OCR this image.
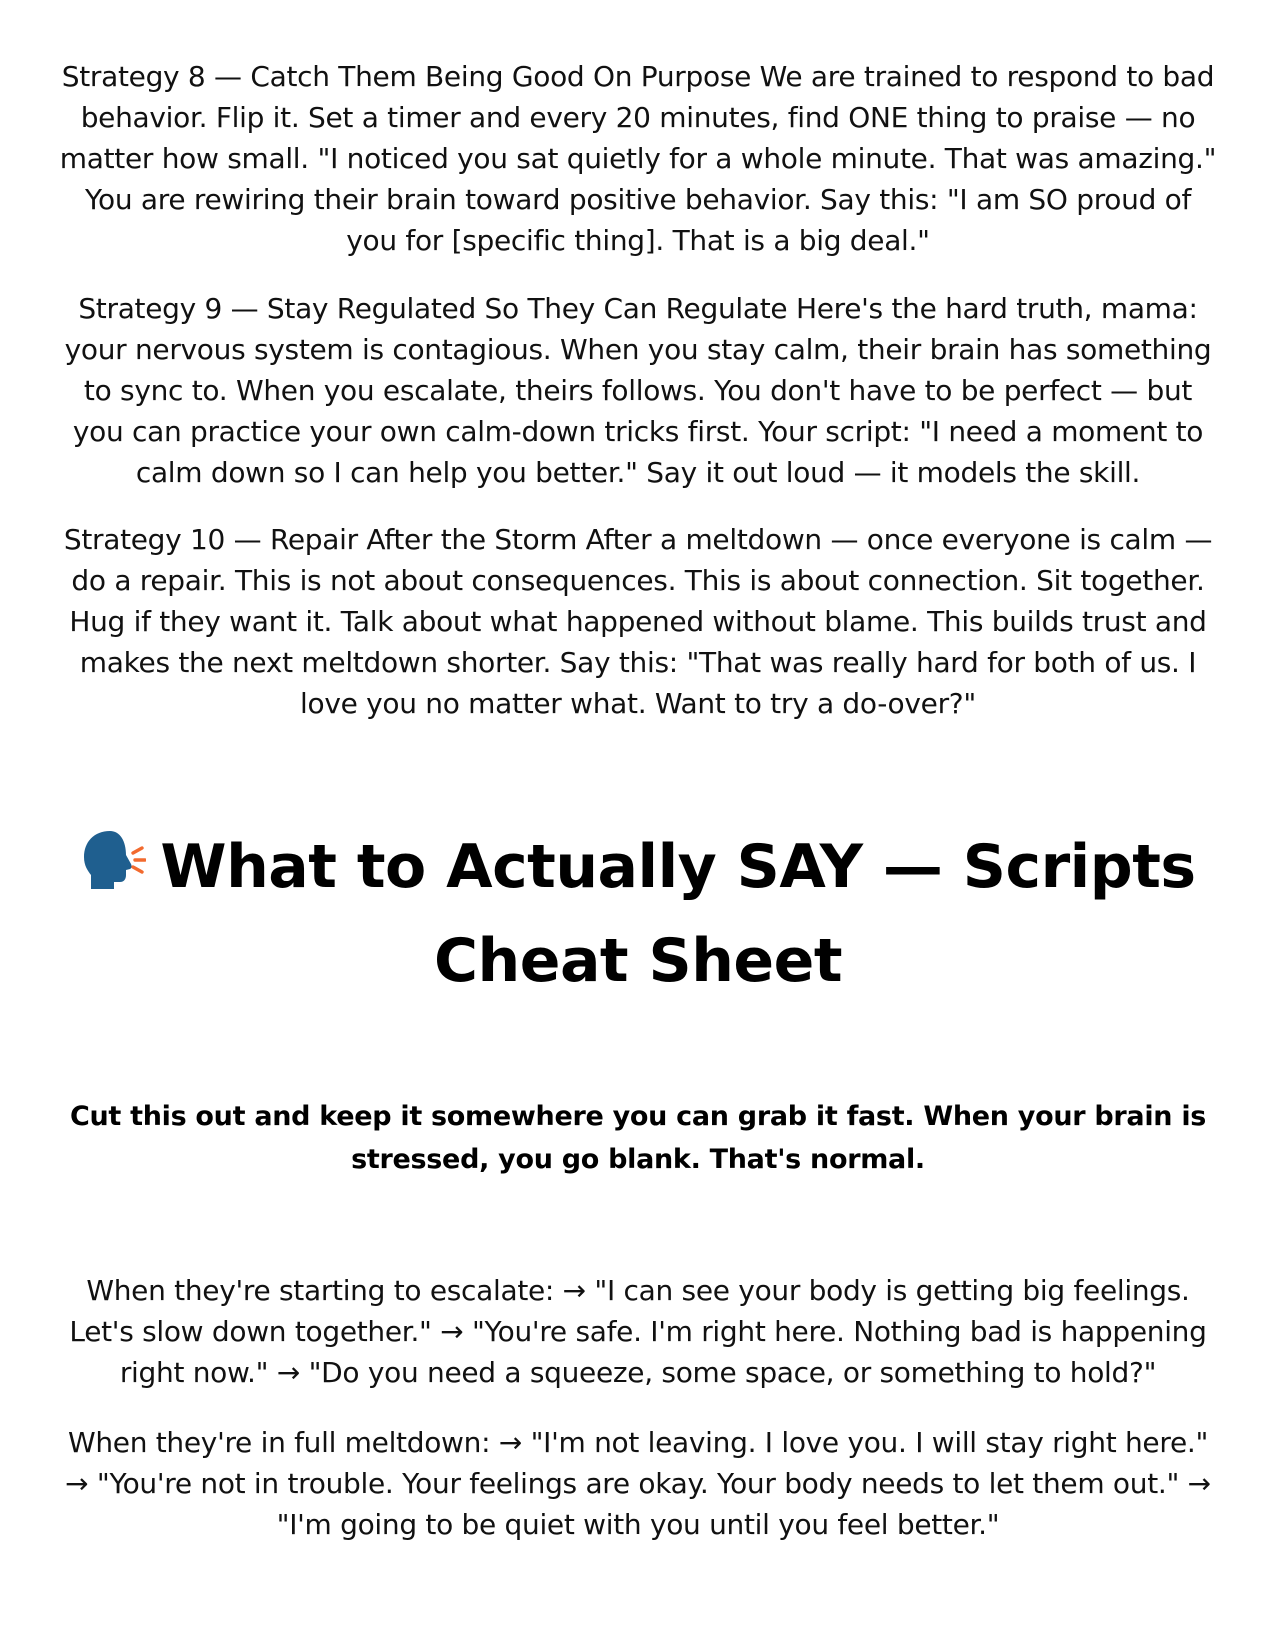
Strategy 8 — Catch Them Being Good On Purpose We are trained to respond to bad behavior. Flip it. Set a timer and every 20 minutes, find ONE thing to praise — no matter how small. "I noticed you sat quietly for a whole minute. That was amazing." You are rewiring their brain toward positive behavior. Say this: "I am SO proud of you for [specific thing]. That is a big deal."

Strategy 9 — Stay Regulated So They Can Regulate Here's the hard truth, mama: your nervous system is contagious. When you stay calm, their brain has something to sync to. When you escalate, theirs follows. You don't have to be perfect — but you can practice your own calm-down tricks first. Your script: "I need a moment to calm down so I can help you better." Say it out loud — it models the skill.

Strategy 10 — Repair After the Storm After a meltdown — once everyone is calm — do a repair. This is not about consequences. This is about connection. Sit together. Hug if they want it. Talk about what happened without blame. This builds trust and makes the next meltdown shorter. Say this: "That was really hard for both of us. I love you no matter what. Want to try a do-over?"

What to Actually SAY — Scripts Cheat Sheet

Cut this out and keep it somewhere you can grab it fast. When your brain is stressed, you go blank. That's normal.

When they're starting to escalate: → "I can see your body is getting big feelings. Let's slow down together." → "You're safe. I'm right here. Nothing bad is happening right now." → "Do you need a squeeze, some space, or something to hold?"

When they're in full meltdown: → "I'm not leaving. I love you. I will stay right here." → "You're not in trouble. Your feelings are okay. Your body needs to let them out." → "I'm going to be quiet with you until you feel better."
